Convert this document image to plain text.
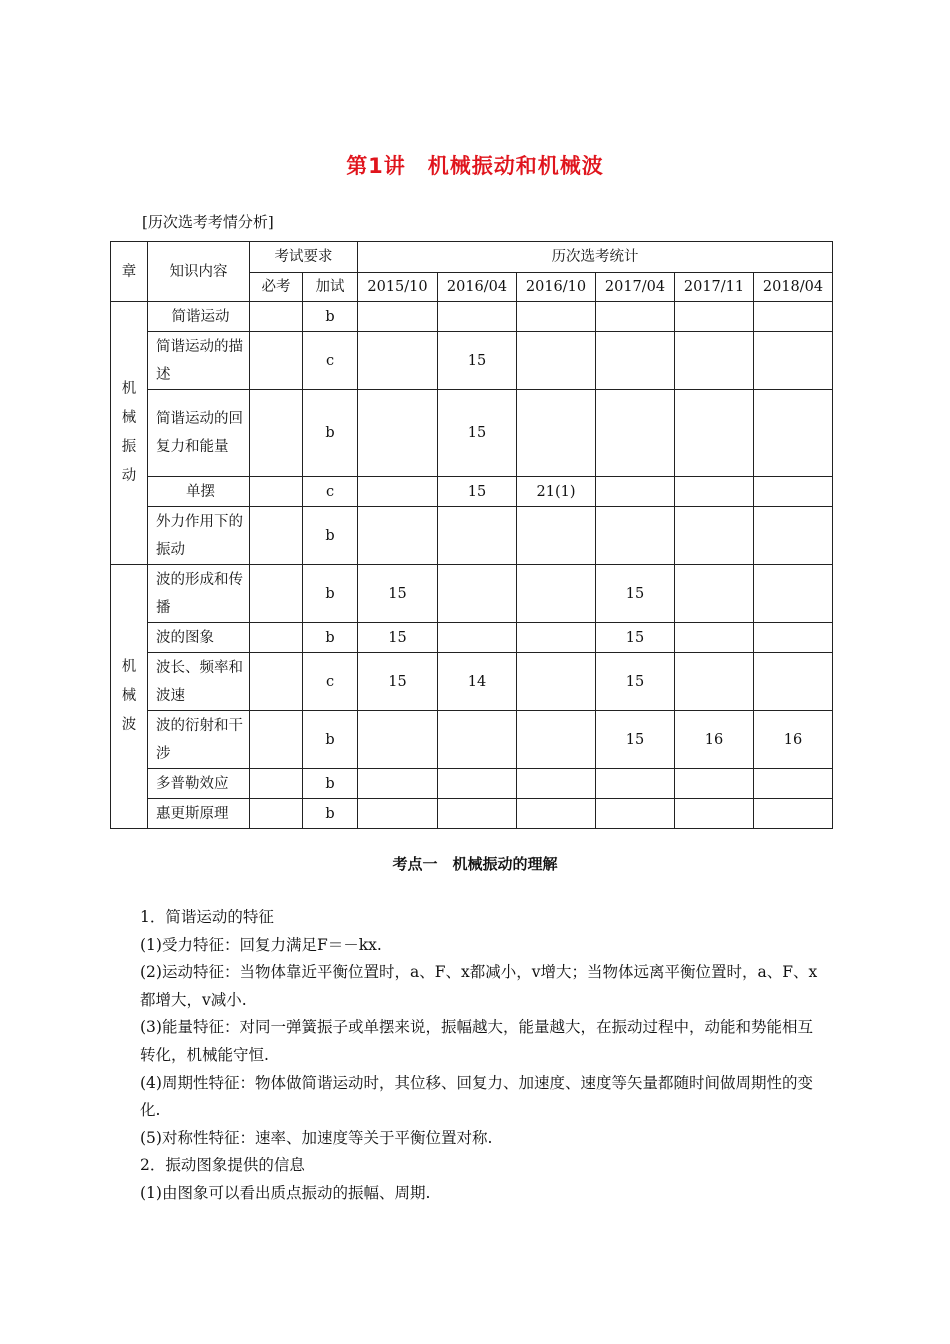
第1讲　机械振动和机械波
[历次选考考情分析]
章	知识内容	考试要求		历次选考统计					
		必考	加试	2015/10	2016/04	2016/10	2017/04	2017/11	2018/04
机械振动	简谐运动		b						
	简谐运动的描述		c		15				
	简谐运动的回复力和能量		b		15				
	单摆		c		15	21(1)			
	外力作用下的振动		b						
机械波	波的形成和传播		b	15			15		
	波的图象		b	15			15		
	波长、频率和波速		c	15	14		15		
	波的衍射和干涉		b				15	16	16
	多普勒效应		b						
	惠更斯原理		b						
考点一　机械振动的理解

1．简谐运动的特征

(1)受力特征：回复力满足F＝－kx.

(2)运动特征：当物体靠近平衡位置时，a、F、x都减小，v增大；当物体远离平衡位置时，a、F、x都增大，v减小.

(3)能量特征：对同一弹簧振子或单摆来说，振幅越大，能量越大，在振动过程中，动能和势能相互转化，机械能守恒.

(4)周期性特征：物体做简谐运动时，其位移、回复力、加速度、速度等矢量都随时间做周期性的变化.

(5)对称性特征：速率、加速度等关于平衡位置对称.

2．振动图象提供的信息

(1)由图象可以看出质点振动的振幅、周期.
